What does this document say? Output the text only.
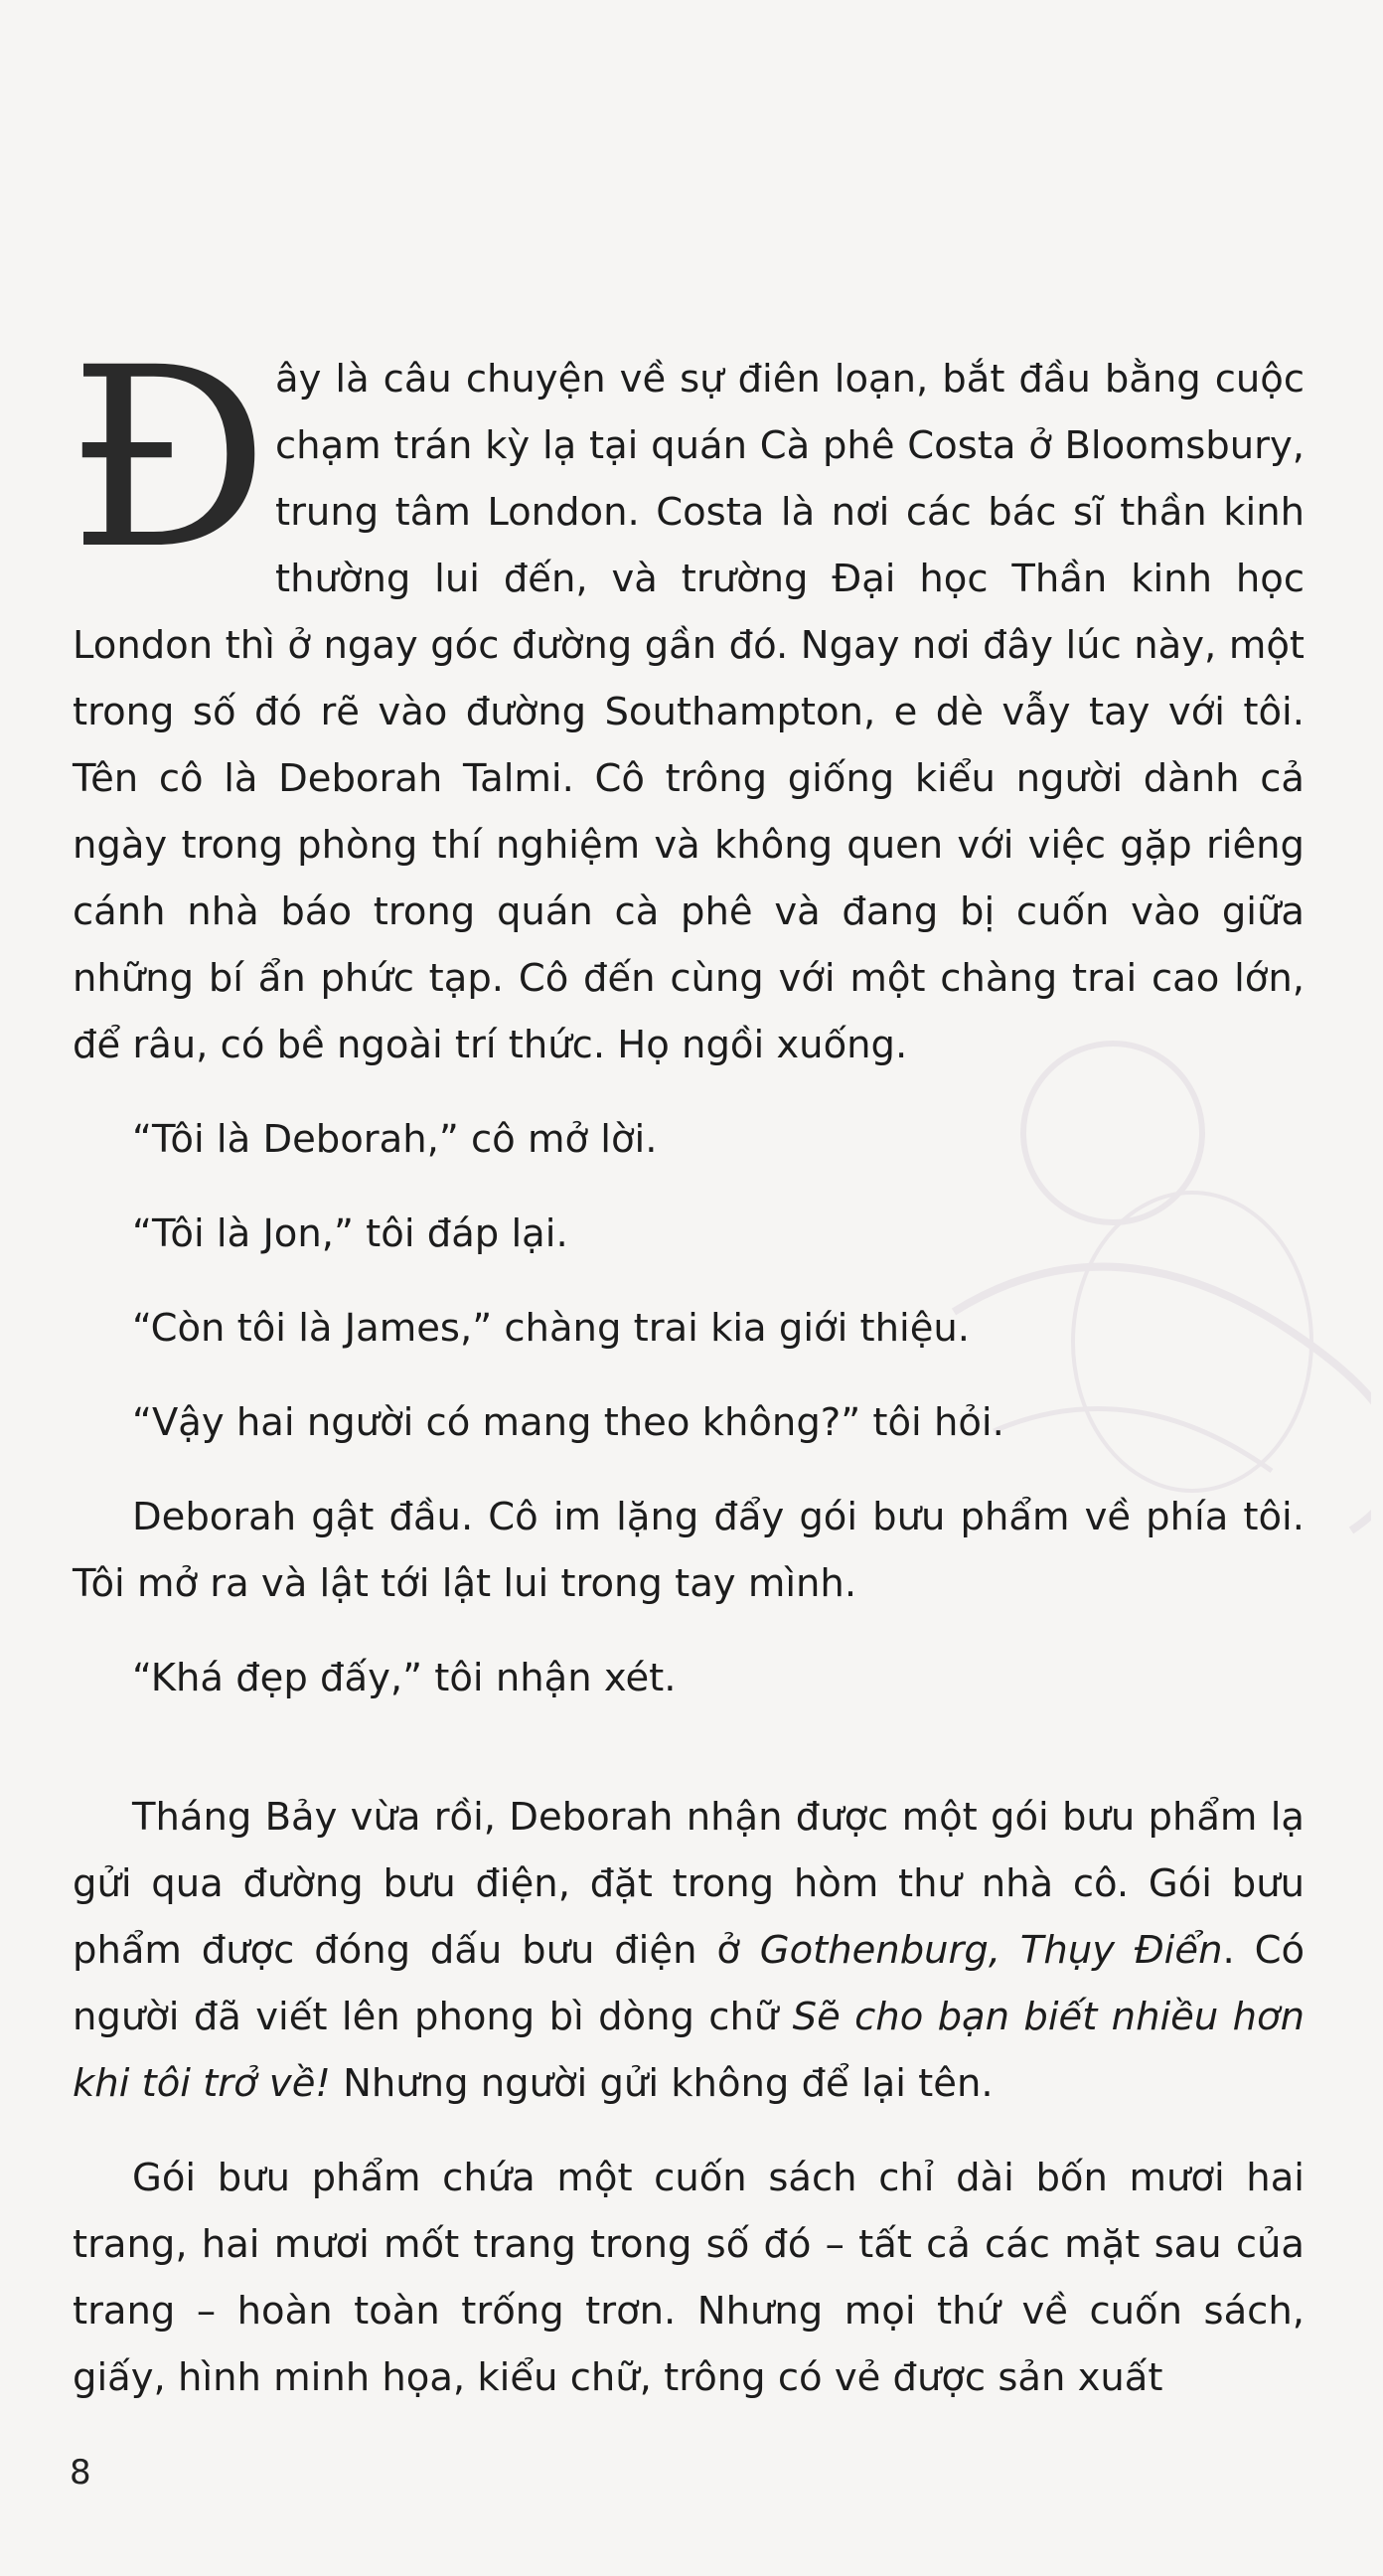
Đây là câu chuyện về sự điên loạn, bắt đầu bằng cuộc chạm trán kỳ lạ tại quán Cà phê Costa ở Bloomsbury, trung tâm London. Costa là nơi các bác sĩ thần kinh thường lui đến, và trường Đại học Thần kinh học London thì ở ngay góc đường gần đó. Ngay nơi đây lúc này, một trong số đó rẽ vào đường Southampton, e dè vẫy tay với tôi. Tên cô là Deborah Talmi. Cô trông giống kiểu người dành cả ngày trong phòng thí nghiệm và không quen với việc gặp riêng cánh nhà báo trong quán cà phê và đang bị cuốn vào giữa những bí ẩn phức tạp. Cô đến cùng với một chàng trai cao lớn, để râu, có bề ngoài trí thức. Họ ngồi xuống.

“Tôi là Deborah,” cô mở lời.

“Tôi là Jon,” tôi đáp lại.

“Còn tôi là James,” chàng trai kia giới thiệu.

“Vậy hai người có mang theo không?” tôi hỏi.

Deborah gật đầu. Cô im lặng đẩy gói bưu phẩm về phía tôi. Tôi mở ra và lật tới lật lui trong tay mình.

“Khá đẹp đấy,” tôi nhận xét.

Tháng Bảy vừa rồi, Deborah nhận được một gói bưu phẩm lạ gửi qua đường bưu điện, đặt trong hòm thư nhà cô. Gói bưu phẩm được đóng dấu bưu điện ở Gothenburg, Thụy Điển. Có người đã viết lên phong bì dòng chữ Sẽ cho bạn biết nhiều hơn khi tôi trở về! Nhưng người gửi không để lại tên.

Gói bưu phẩm chứa một cuốn sách chỉ dài bốn mươi hai trang, hai mươi mốt trang trong số đó – tất cả các mặt sau của trang – hoàn toàn trống trơn. Nhưng mọi thứ về cuốn sách, giấy, hình minh họa, kiểu chữ, trông có vẻ được sản xuất

8
